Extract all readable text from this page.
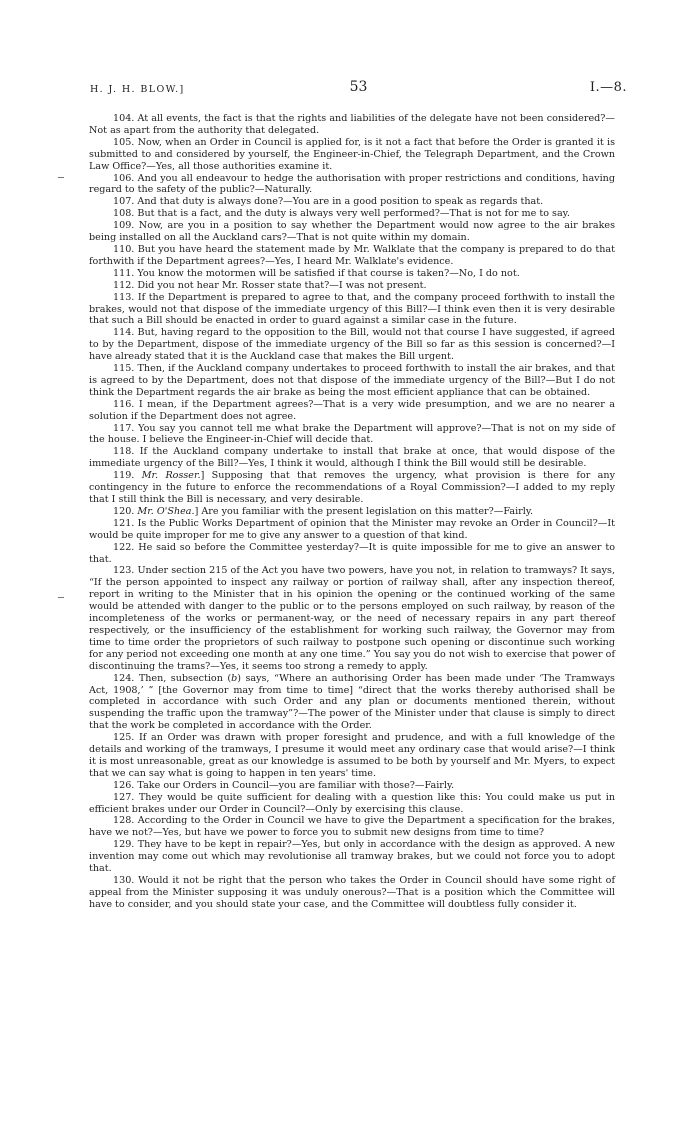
H. J. H. BLOW.]	53	I.—8.

104. At all events, the fact is that the rights and liabilities of the delegate have not been considered?—Not as apart from the authority that delegated.

105. Now, when an Order in Council is applied for, is it not a fact that before the Order is granted it is submitted to and considered by yourself, the Engineer-in-Chief, the Telegraph Department, and the Crown Law Office?—Yes, all those authorities examine it.

106. And you all endeavour to hedge the authorisation with proper restrictions and conditions, having regard to the safety of the public?—Naturally.

107. And that duty is always done?—You are in a good position to speak as regards that.

108. But that is a fact, and the duty is always very well performed?—That is not for me to say.

109. Now, are you in a position to say whether the Department would now agree to the air brakes being installed on all the Auckland cars?—That is not quite within my domain.

110. But you have heard the statement made by Mr. Walklate that the company is prepared to do that forthwith if the Department agrees?—Yes, I heard Mr. Walklate's evidence.

111. You know the motormen will be satisfied if that course is taken?—No, I do not.

112. Did you not hear Mr. Rosser state that?—I was not present.

113. If the Department is prepared to agree to that, and the company proceed forthwith to install the brakes, would not that dispose of the immediate urgency of this Bill?—I think even then it is very desirable that such a Bill should be enacted in order to guard against a similar case in the future.

114. But, having regard to the opposition to the Bill, would not that course I have suggested, if agreed to by the Department, dispose of the immediate urgency of the Bill so far as this session is concerned?—I have already stated that it is the Auckland case that makes the Bill urgent.

115. Then, if the Auckland company undertakes to proceed forthwith to install the air brakes, and that is agreed to by the Department, does not that dispose of the immediate urgency of the Bill?—But I do not think the Department regards the air brake as being the most efficient appliance that can be obtained.

116. I mean, if the Department agrees?—That is a very wide presumption, and we are no nearer a solution if the Department does not agree.

117. You say you cannot tell me what brake the Department will approve?—That is not on my side of the house. I believe the Engineer-in-Chief will decide that.

118. If the Auckland company undertake to install that brake at once, that would dispose of the immediate urgency of the Bill?—Yes, I think it would, although I think the Bill would still be desirable.

119. Mr. Rosser.] Supposing that that removes the urgency, what provision is there for any contingency in the future to enforce the recommendations of a Royal Commission?—I added to my reply that I still think the Bill is necessary, and very desirable.

120. Mr. O'Shea.] Are you familiar with the present legislation on this matter?—Fairly.

121. Is the Public Works Department of opinion that the Minister may revoke an Order in Council?—It would be quite improper for me to give any answer to a question of that kind.

122. He said so before the Committee yesterday?—It is quite impossible for me to give an answer to that.

123. Under section 215 of the Act you have two powers, have you not, in relation to tramways? It says, “If the person appointed to inspect any railway or portion of railway shall, after any inspection thereof, report in writing to the Minister that in his opinion the opening or the continued working of the same would be attended with danger to the public or to the persons employed on such railway, by reason of the incompleteness of the works or permanent-way, or the need of necessary repairs in any part thereof respectively, or the insufficiency of the establishment for working such railway, the Governor may from time to time order the proprietors of such railway to postpone such opening or discontinue such working for any period not exceeding one month at any one time.” You say you do not wish to exercise that power of discontinuing the trams?—Yes, it seems too strong a remedy to apply.

124. Then, subsection (b) says, “Where an authorising Order has been made under ‘The Tramways Act, 1908,’ ” [the Governor may from time to time] “direct that the works thereby authorised shall be completed in accordance with such Order and any plan or documents mentioned therein, without suspending the traffic upon the tramway”?—The power of the Minister under that clause is simply to direct that the work be completed in accordance with the Order.

125. If an Order was drawn with proper foresight and prudence, and with a full knowledge of the details and working of the tramways, I presume it would meet any ordinary case that would arise?—I think it is most unreasonable, great as our knowledge is assumed to be both by yourself and Mr. Myers, to expect that we can say what is going to happen in ten years' time.

126. Take our Orders in Council—you are familiar with those?—Fairly.

127. They would be quite sufficient for dealing with a question like this: You could make us put in efficient brakes under our Order in Council?—Only by exercising this clause.

128. According to the Order in Council we have to give the Department a specification for the brakes, have we not?—Yes, but have we power to force you to submit new designs from time to time?

129. They have to be kept in repair?—Yes, but only in accordance with the design as approved. A new invention may come out which may revolutionise all tramway brakes, but we could not force you to adopt that.

130. Would it not be right that the person who takes the Order in Council should have some right of appeal from the Minister supposing it was unduly onerous?—That is a position which the Committee will have to consider, and you should state your case, and the Committee will doubtless fully consider it.
